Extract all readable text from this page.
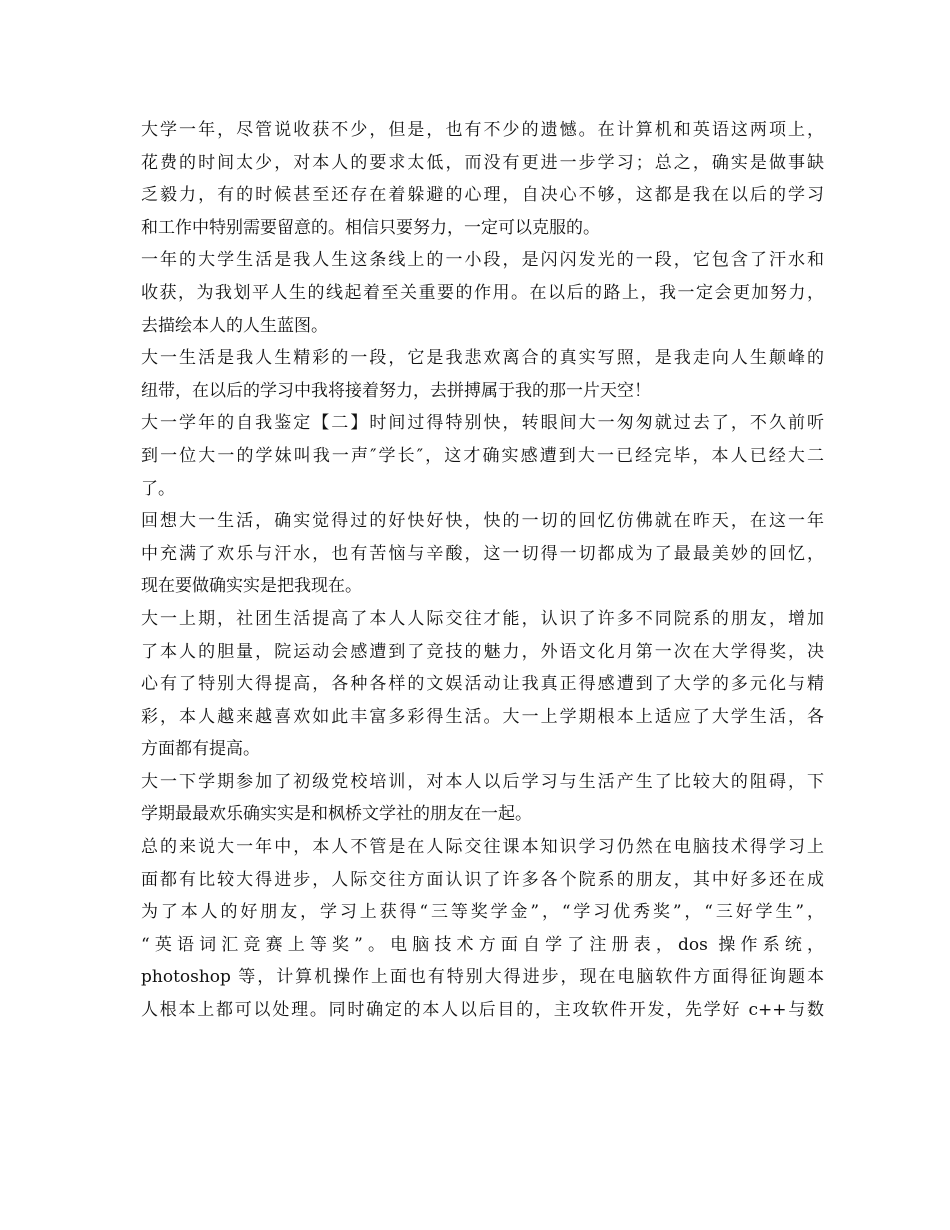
大学一年，尽管说收获不少，但是，也有不少的遗憾。在计算机和英语这两项上，
花费的时间太少，对本人的要求太低，而没有更进一步学习；总之，确实是做事缺
乏毅力，有的时候甚至还存在着躲避的心理，自决心不够，这都是我在以后的学习
和工作中特别需要留意的。相信只要努力，一定可以克服的。
一年的大学生活是我人生这条线上的一小段，是闪闪发光的一段，它包含了汗水和
收获，为我划平人生的线起着至关重要的作用。在以后的路上，我一定会更加努力，
去描绘本人的人生蓝图。
大一生活是我人生精彩的一段，它是我悲欢离合的真实写照，是我走向人生颠峰的
纽带，在以后的学习中我将接着努力，去拼搏属于我的那一片天空！
大一学年的自我鉴定【二】时间过得特别快，转眼间大一匆匆就过去了，不久前听
到一位大一的学妹叫我一声″学长″，这才确实感遭到大一已经完毕，本人已经大二
了。
回想大一生活，确实觉得过的好快好快，快的一切的回忆仿佛就在昨天，在这一年
中充满了欢乐与汗水，也有苦恼与辛酸，这一切得一切都成为了最最美妙的回忆，
现在要做确实实是把我现在。
大一上期，社团生活提高了本人人际交往才能，认识了许多不同院系的朋友，增加
了本人的胆量，院运动会感遭到了竞技的魅力，外语文化月第一次在大学得奖，决
心有了特别大得提高，各种各样的文娱活动让我真正得感遭到了大学的多元化与精
彩，本人越来越喜欢如此丰富多彩得生活。大一上学期根本上适应了大学生活，各
方面都有提高。
大一下学期参加了初级党校培训，对本人以后学习与生活产生了比较大的阻碍，下
学期最最欢乐确实实是和枫桥文学社的朋友在一起。
总的来说大一年中，本人不管是在人际交往课本知识学习仍然在电脑技术得学习上
面都有比较大得进步，人际交往方面认识了许多各个院系的朋友，其中好多还在成
为了本人的好朋友，学习上获得“三等奖学金”，“学习优秀奖”，“三好学生”，
“英语词汇竞赛上等奖”。电脑技术方面自学了注册表，dos 操作系统，
photoshop 等，计算机操作上面也有特别大得进步，现在电脑软件方面得征询题本
人根本上都可以处理。同时确定的本人以后目的，主攻软件开发，先学好 c++与数
